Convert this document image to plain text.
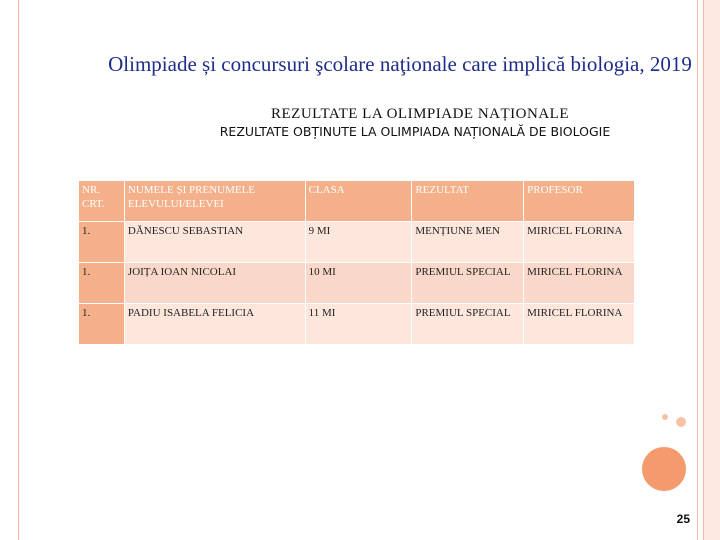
Olimpiade și concursuri şcolare naţionale care implică biologia, 2019
REZULTATE LA OLIMPIADE NAȚIONALE
REZULTATE OBȚINUTE LA OLIMPIADA NAȚIONALĂ DE BIOLOGIE
NR. CRT.	NUMELE ȘI PRENUMELE ELEVULUI/ELEVEI	CLASA	REZULTAT	PROFESOR
1.	DĂNESCU SEBASTIAN	9 MI	MENȚIUNE MEN	MIRICEL FLORINA
1.	JOIȚA IOAN NICOLAI	10 MI	PREMIUL SPECIAL	MIRICEL FLORINA
1.	PADIU ISABELA FELICIA	11 MI	PREMIUL SPECIAL	MIRICEL FLORINA
25
